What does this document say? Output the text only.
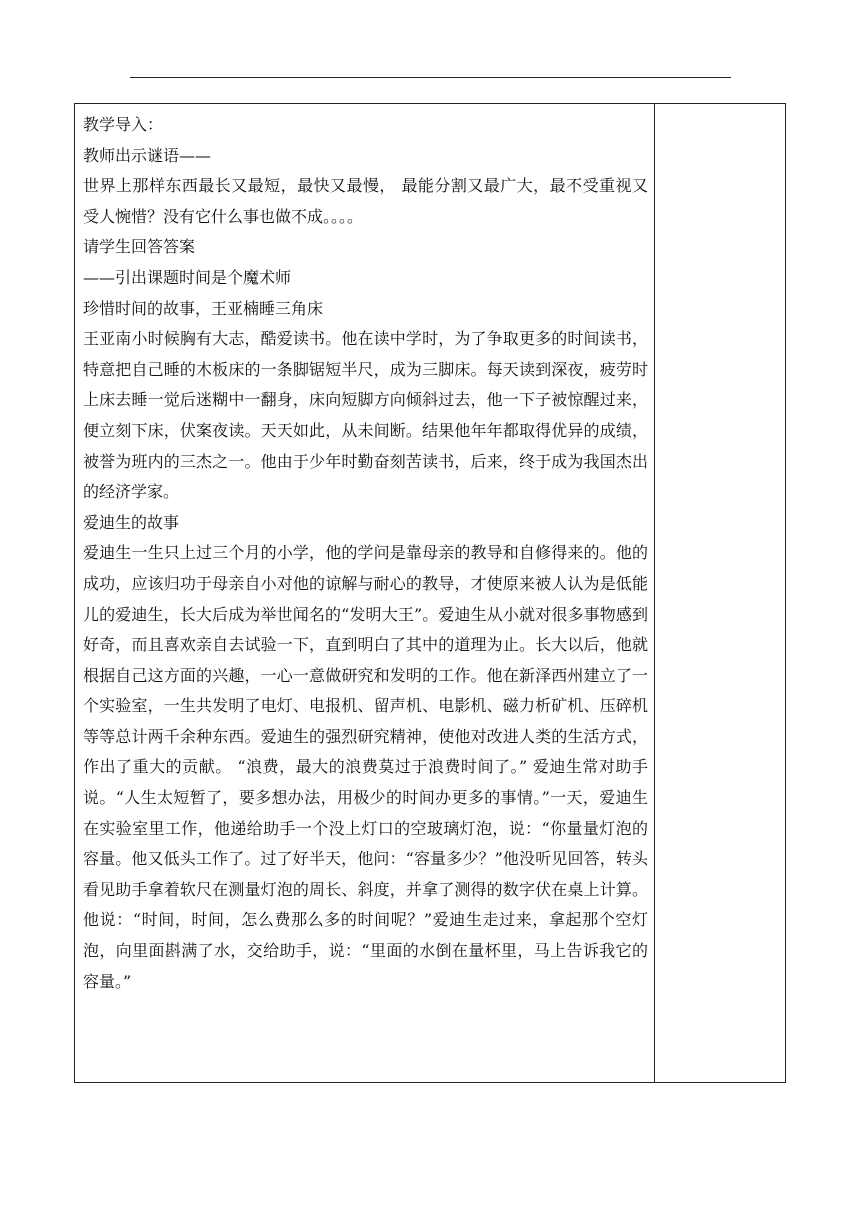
教学导入：

教师出示谜语——

世界上那样东西最长又最短，最快又最慢， 最能分割又最广大，最不受重视又受人惋惜？没有它什么事也做不成。。。。

请学生回答答案

——引出课题时间是个魔术师

珍惜时间的故事，王亚楠睡三角床

王亚南小时候胸有大志，酷爱读书。他在读中学时，为了争取更多的时间读书，特意把自己睡的木板床的一条脚锯短半尺，成为三脚床。每天读到深夜，疲劳时上床去睡一觉后迷糊中一翻身，床向短脚方向倾斜过去，他一下子被惊醒过来，便立刻下床，伏案夜读。天天如此，从未间断。结果他年年都取得优异的成绩，被誉为班内的三杰之一。他由于少年时勤奋刻苦读书，后来，终于成为我国杰出的经济学家。

爱迪生的故事

爱迪生一生只上过三个月的小学，他的学问是靠母亲的教导和自修得来的。他的成功，应该归功于母亲自小对他的谅解与耐心的教导，才使原来被人认为是低能儿的爱迪生，长大后成为举世闻名的“发明大王”。爱迪生从小就对很多事物感到好奇，而且喜欢亲自去试验一下，直到明白了其中的道理为止。长大以后，他就根据自己这方面的兴趣，一心一意做研究和发明的工作。他在新泽西州建立了一个实验室，一生共发明了电灯、电报机、留声机、电影机、磁力析矿机、压碎机等等总计两千余种东西。爱迪生的强烈研究精神，使他对改进人类的生活方式，作出了重大的贡献。 “浪费，最大的浪费莫过于浪费时间了。” 爱迪生常对助手说。“人生太短暂了，要多想办法，用极少的时间办更多的事情。”一天，爱迪生在实验室里工作，他递给助手一个没上灯口的空玻璃灯泡，说：“你量量灯泡的容量。他又低头工作了。过了好半天，他问：“容量多少？”他没听见回答，转头看见助手拿着软尺在测量灯泡的周长、斜度，并拿了测得的数字伏在桌上计算。他说：“时间，时间，怎么费那么多的时间呢？”爱迪生走过来，拿起那个空灯泡，向里面斟满了水，交给助手，说：“里面的水倒在量杯里，马上告诉我它的容量。”
